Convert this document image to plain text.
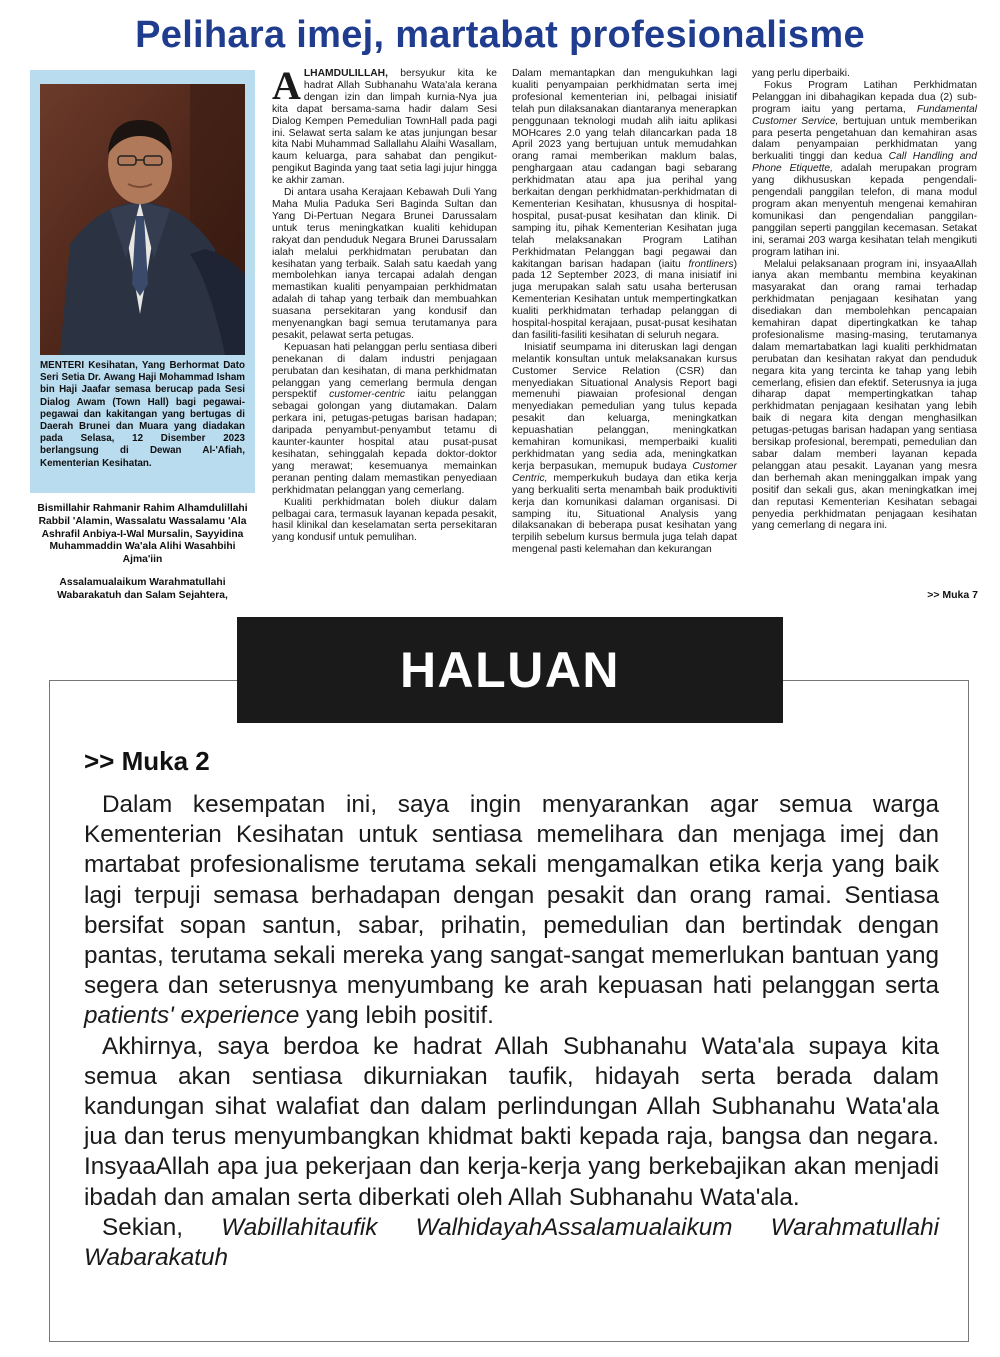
Pelihara imej, martabat profesionalisme
MENTERI Kesihatan, Yang Berhormat Dato Seri Setia Dr. Awang Haji Mohammad Isham bin Haji Jaafar semasa berucap pada Sesi Dialog Awam (Town Hall) bagi pegawai-pegawai dan kakitangan yang bertugas di Daerah Brunei dan Muara yang diadakan pada Selasa, 12 Disember 2023 berlangsung di Dewan Al-'Afiah, Kementerian Kesihatan.

Bismillahir Rahmanir Rahim Alhamdulillahi Rabbil 'Alamin, Wassalatu Wassalamu 'Ala Ashrafil Anbiya-I-Wal Mursalin, Sayyidina Muhammaddin Wa'ala Alihi Wasahbihi Ajma'iin

Assalamualaikum Warahmatullahi Wabarakatuh dan Salam Sejahtera,

ALHAMDULILLAH, bersyukur kita ke hadrat Allah Subhanahu Wata'ala kerana dengan izin dan limpah kurnia-Nya jua kita dapat bersama-sama hadir dalam Sesi Dialog Kempen Pemedulian TownHall pada pagi ini. Selawat serta salam ke atas junjungan besar kita Nabi Muhammad Sallallahu Alaihi Wasallam, kaum keluarga, para sahabat dan pengikut-pengikut Baginda yang taat setia lagi jujur hingga ke akhir zaman.

Di antara usaha Kerajaan Kebawah Duli Yang Maha Mulia Paduka Seri Baginda Sultan dan Yang Di-Pertuan Negara Brunei Darussalam untuk terus meningkatkan kualiti kehidupan rakyat dan penduduk Negara Brunei Darussalam ialah melalui perkhidmatan perubatan dan kesihatan yang terbaik. Salah satu kaedah yang membolehkan ianya tercapai adalah dengan memastikan kualiti penyampaian perkhidmatan adalah di tahap yang terbaik dan membuahkan suasana persekitaran yang kondusif dan menyenangkan bagi semua terutamanya para pesakit, pelawat serta petugas.

Kepuasan hati pelanggan perlu sentiasa diberi penekanan di dalam industri penjagaan perubatan dan kesihatan, di mana perkhidmatan pelanggan yang cemerlang bermula dengan perspektif customer-centric iaitu pelanggan sebagai golongan yang diutamakan. Dalam perkara ini, petugas-petugas barisan hadapan; daripada penyambut-penyambut tetamu di kaunter-kaunter hospital atau pusat-pusat kesihatan, sehinggalah kepada doktor-doktor yang merawat; kesemuanya memainkan peranan penting dalam memastikan penyediaan perkhidmatan pelanggan yang cemerlang.

Kualiti perkhidmatan boleh diukur dalam pelbagai cara, termasuk layanan kepada pesakit, hasil klinikal dan keselamatan serta persekitaran yang kondusif untuk pemulihan.

Dalam memantapkan dan mengukuhkan lagi kualiti penyampaian perkhidmatan serta imej profesional kementerian ini, pelbagai inisiatif telah pun dilaksanakan diantaranya menerapkan penggunaan teknologi mudah alih iaitu aplikasi MOHcares 2.0 yang telah dilancarkan pada 18 April 2023 yang bertujuan untuk memudahkan orang ramai memberikan maklum balas, penghargaan atau cadangan bagi sebarang perkhidmatan atau apa jua perihal yang berkaitan dengan perkhidmatan-perkhidmatan di Kementerian Kesihatan, khususnya di hospital-hospital, pusat-pusat kesihatan dan klinik. Di samping itu, pihak Kementerian Kesihatan juga telah melaksanakan Program Latihan Perkhidmatan Pelanggan bagi pegawai dan kakitangan barisan hadapan (iaitu frontliners) pada 12 September 2023, di mana inisiatif ini juga merupakan salah satu usaha berterusan Kementerian Kesihatan untuk mempertingkatkan kualiti perkhidmatan terhadap pelanggan di hospital-hospital kerajaan, pusat-pusat kesihatan dan fasiliti-fasiliti kesihatan di seluruh negara.

Inisiatif seumpama ini diteruskan lagi dengan melantik konsultan untuk melaksanakan kursus Customer Service Relation (CSR) dan menyediakan Situational Analysis Report bagi memenuhi piawaian profesional dengan menyediakan pemedulian yang tulus kepada pesakit dan keluarga, meningkatkan kepuashatian pelanggan, meningkatkan kemahiran komunikasi, memperbaiki kualiti perkhidmatan yang sedia ada, meningkatkan kerja berpasukan, memupuk budaya Customer Centric, memperkukuh budaya dan etika kerja yang berkualiti serta menambah baik produktiviti kerja dan komunikasi dalaman organisasi. Di samping itu, Situational Analysis yang dilaksanakan di beberapa pusat kesihatan yang terpilih sebelum kursus bermula juga telah dapat mengenal pasti kelemahan dan kekurangan

yang perlu diperbaiki.

Fokus Program Latihan Perkhidmatan Pelanggan ini dibahagikan kepada dua (2) sub-program iaitu yang pertama, Fundamental Customer Service, bertujuan untuk memberikan para peserta pengetahuan dan kemahiran asas dalam penyampaian perkhidmatan yang berkualiti tinggi dan kedua Call Handling and Phone Etiquette, adalah merupakan program yang dikhususkan kepada pengendali-pengendali panggilan telefon, di mana modul program akan menyentuh mengenai kemahiran komunikasi dan pengendalian panggilan-panggilan seperti panggilan kecemasan. Setakat ini, seramai 203 warga kesihatan telah mengikuti program latihan ini.

Melalui pelaksanaan program ini, insyaaAllah ianya akan membantu membina keyakinan masyarakat dan orang ramai terhadap perkhidmatan penjagaan kesihatan yang disediakan dan membolehkan pencapaian kemahiran dapat dipertingkatkan ke tahap profesionalisme masing-masing, terutamanya dalam memartabatkan lagi kualiti perkhidmatan perubatan dan kesihatan rakyat dan penduduk negara kita yang tercinta ke tahap yang lebih cemerlang, efisien dan efektif. Seterusnya ia juga diharap dapat mempertingkatkan tahap perkhidmatan penjagaan kesihatan yang lebih baik di negara kita dengan menghasilkan petugas-petugas barisan hadapan yang sentiasa bersikap profesional, berempati, pemedulian dan sabar dalam memberi layanan kepada pelanggan atau pesakit. Layanan yang mesra dan berhemah akan meninggalkan impak yang positif dan sekali gus, akan meningkatkan imej dan reputasi Kementerian Kesihatan sebagai penyedia perkhidmatan penjagaan kesihatan yang cemerlang di negara ini.

>> Muka 7
HALUAN
>> Muka 2

Dalam kesempatan ini, saya ingin menyarankan agar semua warga Kementerian Kesihatan untuk sentiasa memelihara dan menjaga imej dan martabat profesionalisme terutama sekali mengamalkan etika kerja yang baik lagi terpuji semasa berhadapan dengan pesakit dan orang ramai. Sentiasa bersifat sopan santun, sabar, prihatin, pemedulian dan bertindak dengan pantas, terutama sekali mereka yang sangat-sangat memerlukan bantuan yang segera dan seterusnya menyumbang ke arah kepuasan hati pelanggan serta patients' experience yang lebih positif.

Akhirnya, saya berdoa ke hadrat Allah Subhanahu Wata'ala supaya kita semua akan sentiasa dikurniakan taufik, hidayah serta berada dalam kandungan sihat walafiat dan dalam perlindungan Allah Subhanahu Wata'ala jua dan terus menyumbangkan khidmat bakti kepada raja, bangsa dan negara. InsyaaAllah apa jua pekerjaan dan kerja-kerja yang berkebajikan akan menjadi ibadah dan amalan serta diberkati oleh Allah Subhanahu Wata'ala.

Sekian, Wabillahitaufik WalhidayahAssalamualaikum Warahmatullahi Wabarakatuh
